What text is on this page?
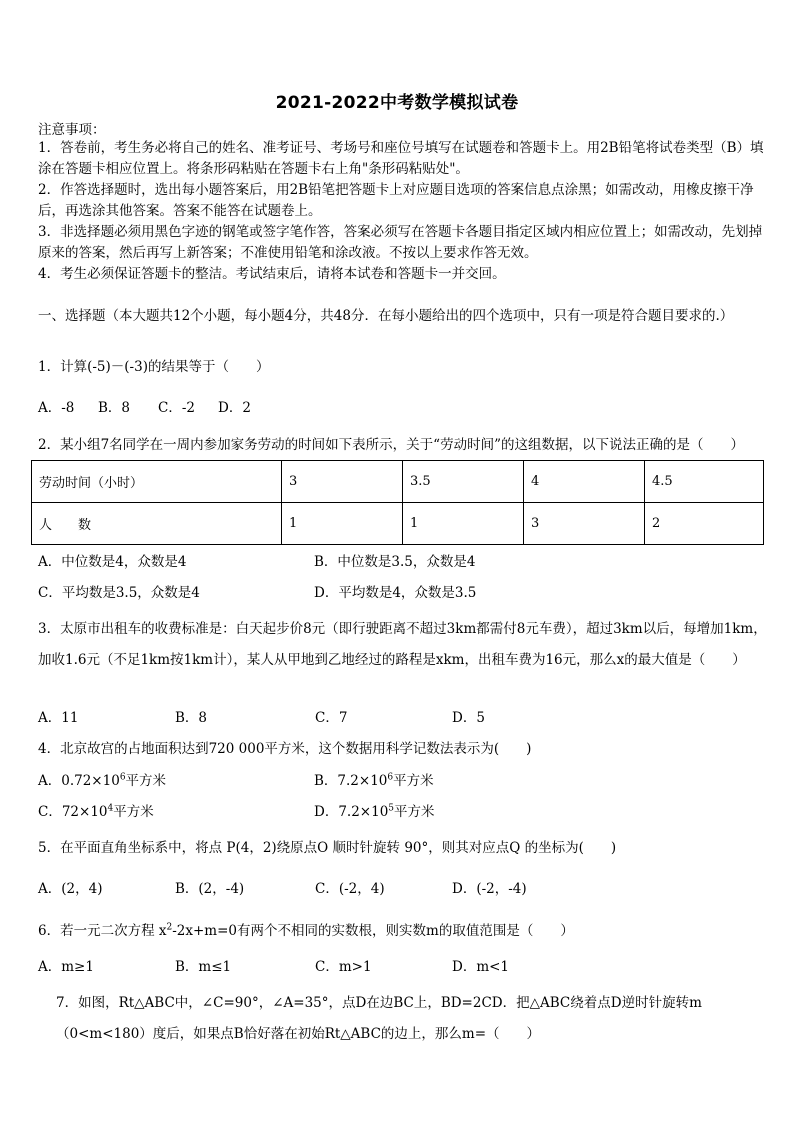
2021-2022中考数学模拟试卷
注意事项：
1．答卷前，考生务必将自己的姓名、准考证号、考场号和座位号填写在试题卷和答题卡上。用2B铅笔将试卷类型（B）填涂在答题卡相应位置上。将条形码粘贴在答题卡右上角"条形码粘贴处"。
2．作答选择题时，选出每小题答案后，用2B铅笔把答题卡上对应题目选项的答案信息点涂黑；如需改动，用橡皮擦干净后，再选涂其他答案。答案不能答在试题卷上。
3．非选择题必须用黑色字迹的钢笔或签字笔作答，答案必须写在答题卡各题目指定区域内相应位置上；如需改动，先划掉原来的答案，然后再写上新答案；不准使用铅笔和涂改液。不按以上要求作答无效。
4．考生必须保证答题卡的整洁。考试结束后，请将本试卷和答题卡一并交回。
一、选择题（本大题共12个小题，每小题4分，共48分．在每小题给出的四个选项中，只有一项是符合题目要求的.）
1．计算(-5)－(-3)的结果等于（　　）
A．-8 B．8 C．-2 D．2
2．某小组7名同学在一周内参加家务劳动的时间如下表所示，关于“劳动时间”的这组数据，以下说法正确的是（　　）
劳动时间（小时）	3	3.5	4	4.5
人　　数	1	1	3	2
A．中位数是4，众数是4	B．中位数是3.5，众数是4
C．平均数是3.5，众数是4	D．平均数是4，众数是3.5
3．太原市出租车的收费标准是：白天起步价8元（即行驶距离不超过3km都需付8元车费），超过3km以后，每增加1km，加收1.6元（不足1km按1km计），某人从甲地到乙地经过的路程是xkm，出租车费为16元，那么x的最大值是（　　）
A．11	B．8	C．7	D．5
4．北京故宫的占地面积达到720 000平方米，这个数据用科学记数法表示为(　　)
A．$0.72\times 10^6$平方米	B．$7.2\times 10^6$平方米
C．$72\times 10^4$平方米	D．$7.2\times 10^5$平方米
5．在平面直角坐标系中，将点 P(4，2)绕原点O 顺时针旋转 90°，则其对应点Q 的坐标为(　　)
A．(2，4)	B．(2，-4)	C．(-2，4)	D．(-2，-4)
6．若一元二次方程 $x^2-2x+m=0$有两个不相同的实数根，则实数m的取值范围是（　　）
A．m≥1	B．m≤1	C．m>1	D．m<1
7．如图，Rt△ABC中，∠C=90°，∠A=35°，点D在边BC上，BD=2CD．把△ABC绕着点D逆时针旋转m（0<m<180）度后，如果点B恰好落在初始Rt△ABC的边上，那么m=（　　）
